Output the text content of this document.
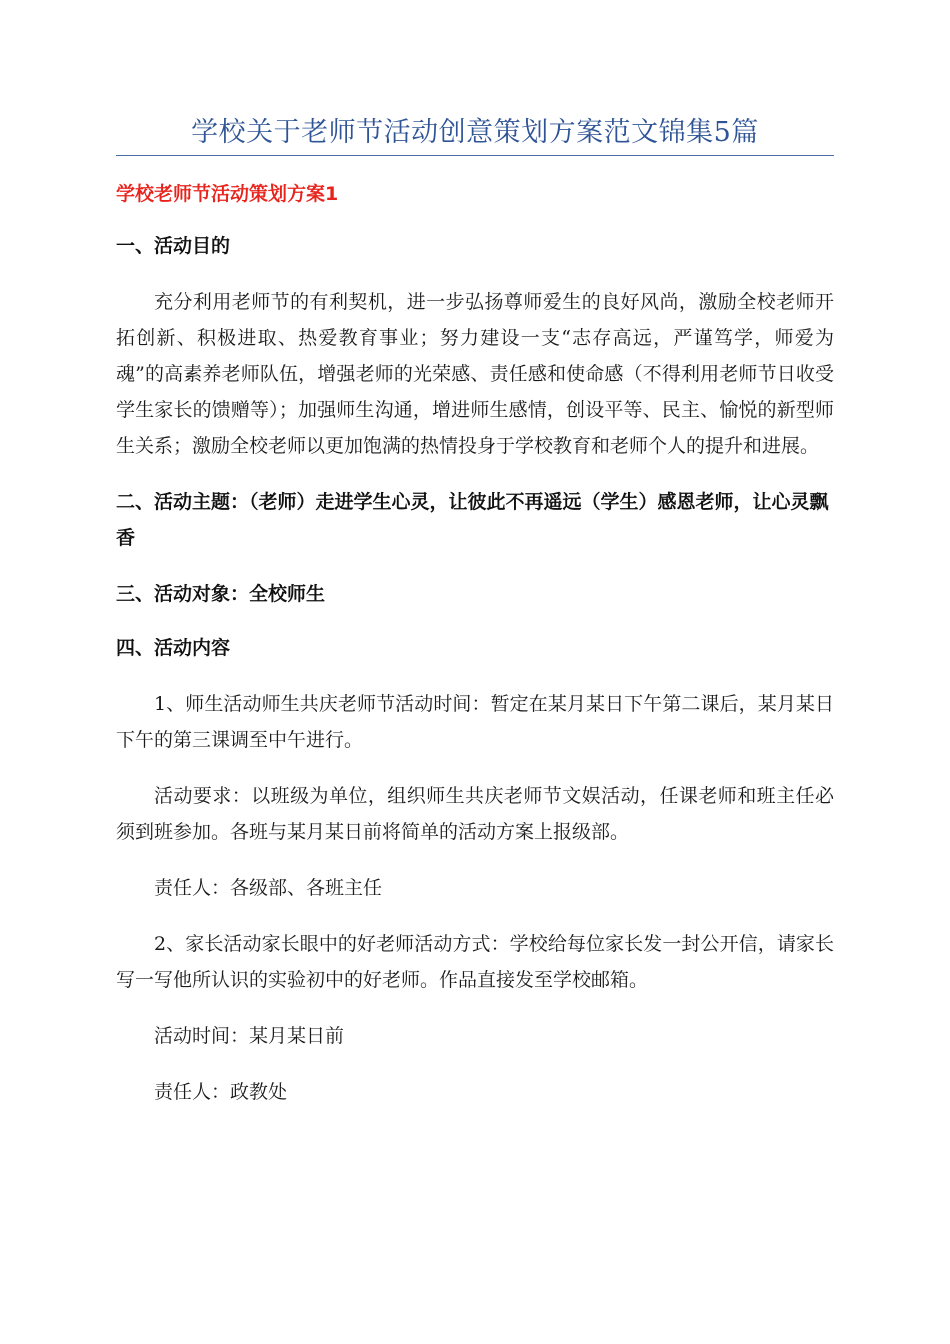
学校关于老师节活动创意策划方案范文锦集5篇
学校老师节活动策划方案1
一、活动目的

充分利用老师节的有利契机，进一步弘扬尊师爱生的良好风尚，激励全校老师开拓创新、积极进取、热爱教育事业；努力建设一支“志存高远，严谨笃学，师爱为魂”的高素养老师队伍，增强老师的光荣感、责任感和使命感（不得利用老师节日收受学生家长的馈赠等）；加强师生沟通，增进师生感情，创设平等、民主、愉悦的新型师生关系；激励全校老师以更加饱满的热情投身于学校教育和老师个人的提升和进展。

二、活动主题：（老师）走进学生心灵，让彼此不再遥远（学生）感恩老师，让心灵飘香
三、活动对象：全校师生
四、活动内容

1、师生活动师生共庆老师节活动时间：暂定在某月某日下午第二课后，某月某日下午的第三课调至中午进行。

活动要求：以班级为单位，组织师生共庆老师节文娱活动，任课老师和班主任必须到班参加。各班与某月某日前将简单的活动方案上报级部。

责任人：各级部、各班主任

2、家长活动家长眼中的好老师活动方式：学校给每位家长发一封公开信，请家长写一写他所认识的实验初中的好老师。作品直接发至学校邮箱。

活动时间：某月某日前

责任人：政教处
